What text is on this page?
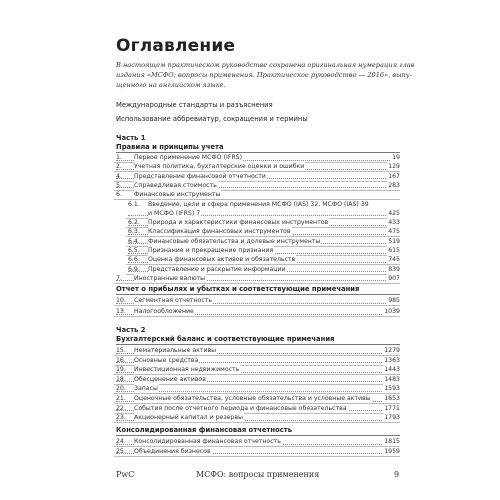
Оглавление
В настоящем практическом руководстве сохранена оригинальная нумерация глав
издания «МСФО: вопросы применения. Практическое руководство — 2016», выпу-
щенного на английском языке.
Международные стандарты и разъяснения
Использование аббревиатур, сокращения и термины
Часть 1
Правила и принципы учета
Отчет о прибылях и убытках и соответствующие примечания
Часть 2
Бухгалтерский баланс и соответствующие примечания
Консолидированная финансовая отчетность
PwC	МСФО: вопросы применения	9
1. Первое применение МСФО (IFRS)	19
2. Учетная политика, бухгалтерские оценки и ошибки	129
4. Представление финансовой отчетности	167
5. Справедливая стоимость	283
6. Финансовые инструменты
6.1. Введение, цели и сфера применения МСФО (IAS) 32, МСФО (IAS) 39
и МСФО (IFRS) 7	425
6.2. Природа и характеристики финансовых инструментов	433
6.3. Классификация финансовых инструментов	475
6.4. Финансовые обязательства и долевые инструменты	519
6.5. Признание и прекращение признания	615
6.6. Оценка финансовых активов и обязательств	745
6.9. Представление и раскрытие информации	839
7. Иностранные валюты	907
10. Сегментная отчетность	985
13. Налогообложение	1039
15. Нематериальные активы	1279
16. Основные средства	1363
19. Инвестиционная недвижимость	1443
18. Обесценение активов	1483
20. Запасы	1593
21. Оценочные обязательства, условные обязательства и условные активы 1653
22. События после отчетного периода и финансовые обязательства	1771
23. Акционерный капитал и резервы	1793
24. Консолидированная финансовая отчетность	1815
25. Объединения бизнесов	1959
